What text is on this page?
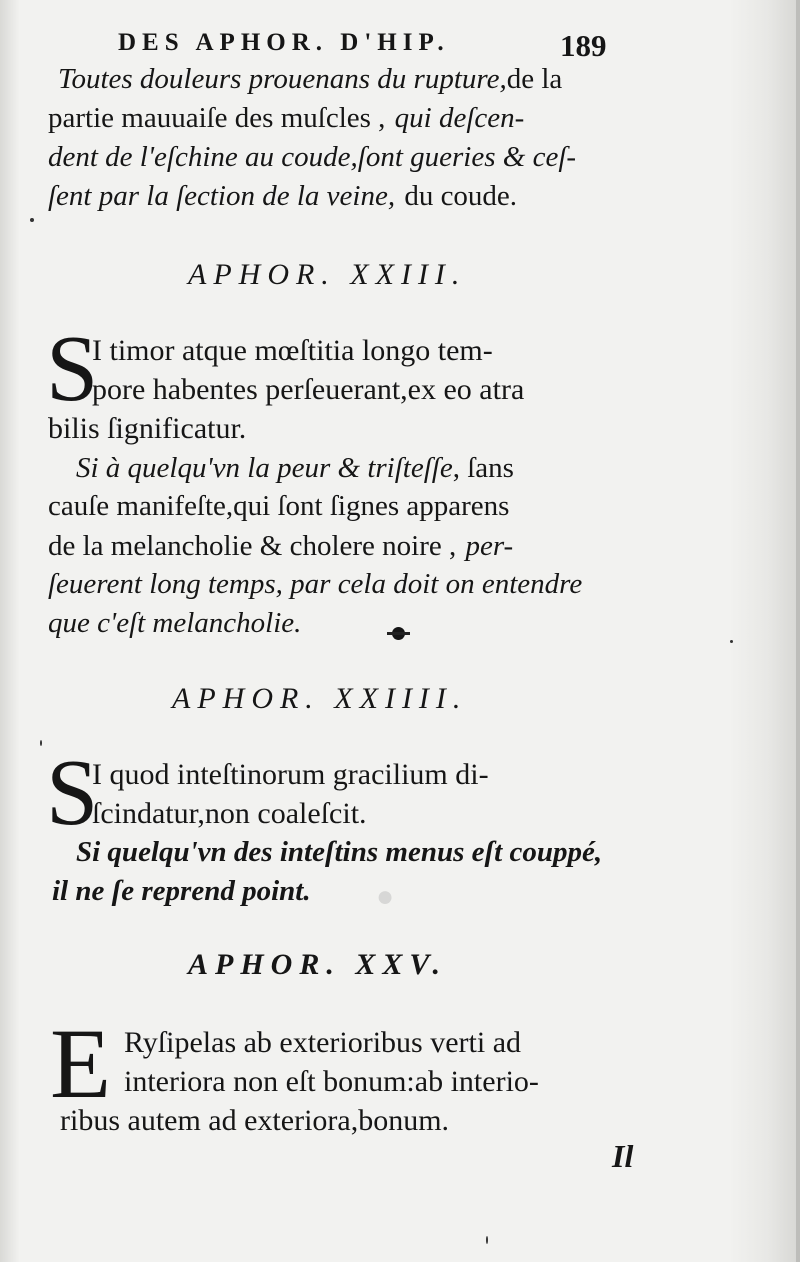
●
DES APHOR. D'HIP.	189
Toutes douleurs prouenans du rupture,de la
partie mauuaiſe des muſcles , qui deſcen-
dent de l'eſchine au coude,ſont gueries & ceſ-
ſent par la ſection de la veine, du coude.
APHOR. XXIII.
S
I timor atque mœſtitia longo tem-
pore habentes perſeuerant,ex eo atra
bilis ſignificatur.
Si à quelqu'vn la peur & triſteſſe, ſans
cauſe manifeſte,qui ſont ſignes apparens
de la melancholie & cholere noire , per-
ſeuerent long temps, par cela doit on entendre
que c'eſt melancholie.
APHOR. XXIIII.
S
I quod inteſtinorum gracilium di-
ſcindatur,non coaleſcit.
Si quelqu'vn des inteſtins menus eſt couppé,
il ne ſe reprend point.
APHOR. XXV.
E Ryſipelas ab exterioribus verti ad
interiora non eſt bonum:ab interio-
ribus autem ad exteriora,bonum.
Il
